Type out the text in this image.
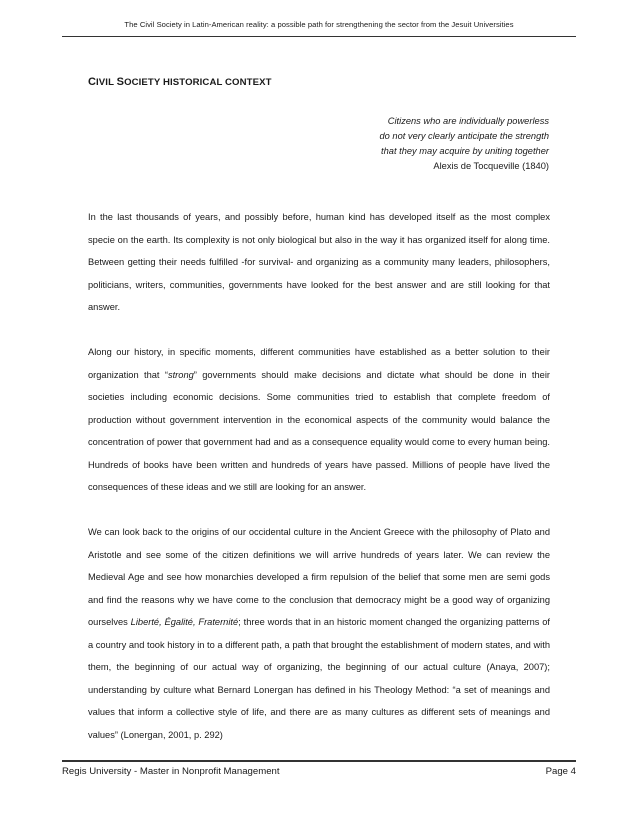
The Civil Society in Latin-American reality: a possible path for strengthening the sector from the Jesuit Universities
CIVIL SOCIETY HISTORICAL CONTEXT
Citizens who are individually powerless
do not very clearly anticipate the strength
that they may acquire by uniting together
Alexis de Tocqueville (1840)

In the last thousands of years, and possibly before, human kind has developed itself as the most complex specie on the earth. Its complexity is not only biological but also in the way it has organized itself for along time. Between getting their needs fulfilled -for survival- and organizing as a community many leaders, philosophers, politicians, writers, communities, governments have looked for the best answer and are still looking for that answer.

Along our history, in specific moments, different communities have established as a better solution to their organization that “strong” governments should make decisions and dictate what should be done in their societies including economic decisions. Some communities tried to establish that complete freedom of production without government intervention in the economical aspects of the community would balance the concentration of power that government had and as a consequence equality would come to every human being. Hundreds of books have been written and hundreds of years have passed. Millions of people have lived the consequences of these ideas and we still are looking for an answer.

We can look back to the origins of our occidental culture in the Ancient Greece with the philosophy of Plato and Aristotle and see some of the citizen definitions we will arrive hundreds of years later. We can review the Medieval Age and see how monarchies developed a firm repulsion of the belief that some men are semi gods and find the reasons why we have come to the conclusion that democracy might be a good way of organizing ourselves Liberté, Égalité, Fraternité; three words that in an historic moment changed the organizing patterns of a country and took history in to a different path, a path that brought the establishment of modern states, and with them, the beginning of our actual way of organizing, the beginning of our actual culture (Anaya, 2007); understanding by culture what Bernard Lonergan has defined in his Theology Method: “a set of meanings and values that inform a collective style of life, and there are as many cultures as different sets of meanings and values” (Lonergan, 2001, p. 292)

Regis University - Master in Nonprofit Management	Page 4
